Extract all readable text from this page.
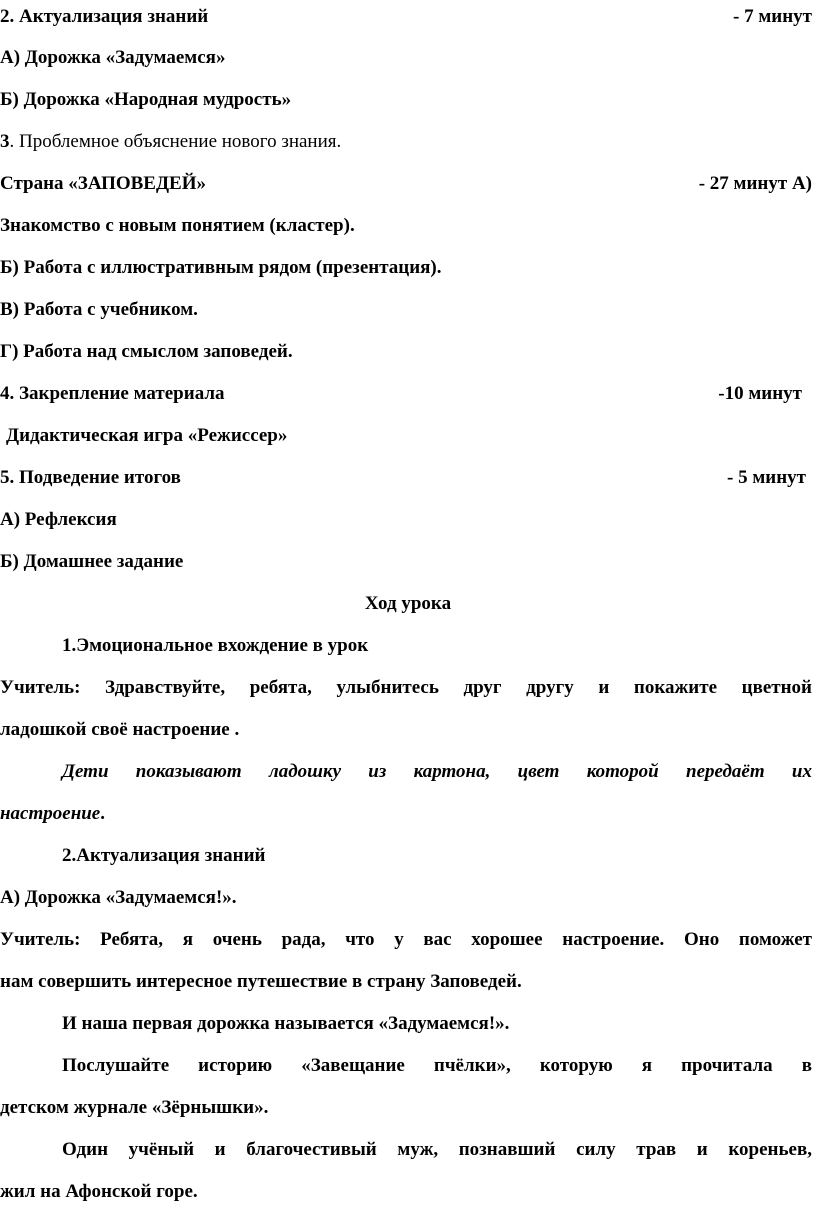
2. Актуализация знаний	- 7 минут
А) Дорожка «Задумаемся»
Б) Дорожка «Народная мудрость»
3. Проблемное объяснение нового знания.
Страна «ЗАПОВЕДЕЙ»	- 27 минут А)
Знакомство с новым понятием (кластер).
Б) Работа с иллюстративным рядом (презентация).
В) Работа с учебником.
Г) Работа над смыслом заповедей.
4. Закрепление материала	-10 минут
Дидактическая игра «Режиссер»
5. Подведение итогов	- 5 минут
А) Рефлексия
Б) Домашнее задание
Ход урока
1.Эмоциональное вхождение в урок
Учитель: Здравствуйте, ребята, улыбнитесь друг другу и покажите цветной
ладошкой своё настроение .
Дети показывают ладошку из картона, цвет которой передаёт их
настроение.
2.Актуализация знаний
А) Дорожка «Задумаемся!».
Учитель: Ребята, я очень рада, что у вас хорошее настроение. Оно поможет
нам совершить интересное путешествие в страну Заповедей.
И наша первая дорожка называется «Задумаемся!».
Послушайте историю «Завещание пчёлки», которую я прочитала в
детском журнале «Зёрнышки».
Один учёный и благочестивый муж, познавший силу трав и кореньев,
жил на Афонской горе.
